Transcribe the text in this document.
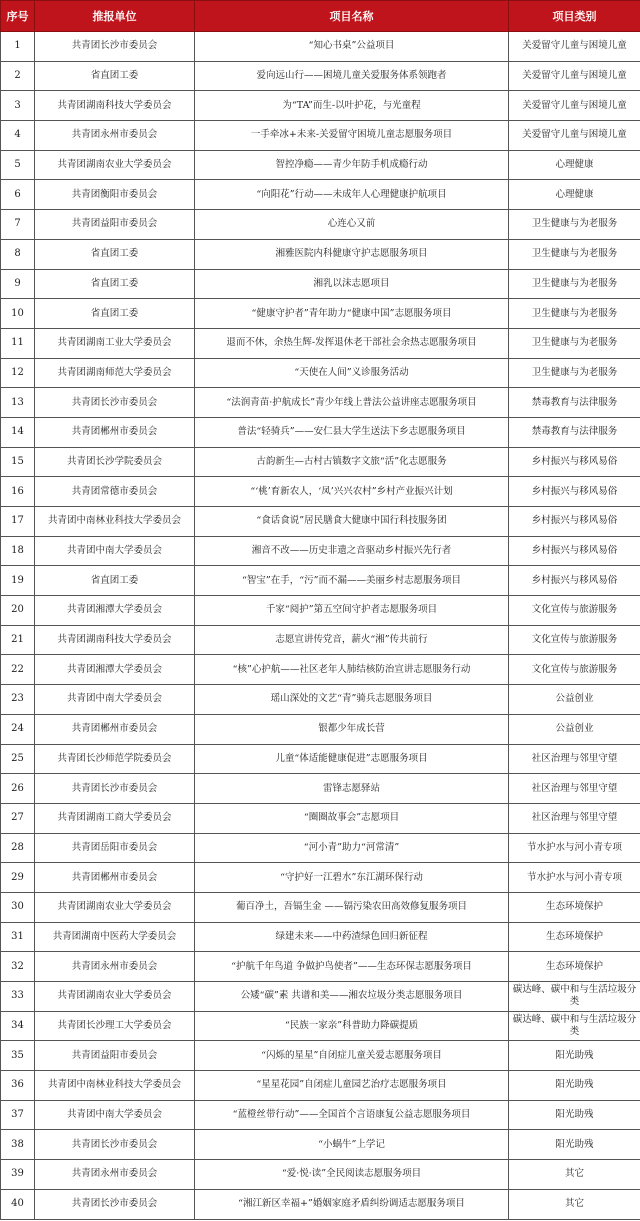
序号	推报单位	项目名称	项目类别
1	共青团长沙市委员会	“知心书桌”公益项目	关爱留守儿童与困境儿童
2	省直团工委	爱向远山行——困境儿童关爱服务体系领跑者	关爱留守儿童与困境儿童
3	共青团湖南科技大学委员会	为“TA”而生-以叶护花，与光童程	关爱留守儿童与困境儿童
4	共青团永州市委员会	一手牵冰+未来-关爱留守困境儿童志愿服务项目	关爱留守儿童与困境儿童
5	共青团湖南农业大学委员会	智控净瘾——青少年防手机成瘾行动	心理健康
6	共青团衡阳市委员会	“向阳花”行动——未成年人心理健康护航项目	心理健康
7	共青团益阳市委员会	心连心又前	卫生健康与为老服务
8	省直团工委	湘雅医院内科健康守护志愿服务项目	卫生健康与为老服务
9	省直团工委	湘乳以沫志愿项目	卫生健康与为老服务
10	省直团工委	“健康守护者”青年助力“健康中国”志愿服务项目	卫生健康与为老服务
11	共青团湖南工业大学委员会	退而不休，余热生辉-发挥退休老干部社会余热志愿服务项目	卫生健康与为老服务
12	共青团湖南师范大学委员会	“天使在人间”义诊服务活动	卫生健康与为老服务
13	共青团长沙市委员会	“法润青苗·护航成长”青少年线上普法公益讲座志愿服务项目	禁毒教育与法律服务
14	共青团郴州市委员会	普法“轻骑兵”——安仁县大学生送法下乡志愿服务项目	禁毒教育与法律服务
15	共青团长沙学院委员会	古韵新生—古村古镇数字文旅“活”化志愿服务	乡村振兴与移风易俗
16	共青团常德市委员会	“‘桃’育新农人，‘凤’兴兴农村”乡村产业振兴计划	乡村振兴与移风易俗
17	共青团中南林业科技大学委员会	“食话食说”居民膳食大健康中国行科技服务团	乡村振兴与移风易俗
18	共青团中南大学委员会	湘音不改——历史非遗之音驱动乡村振兴先行者	乡村振兴与移风易俗
19	省直团工委	“智宝”在手，“污”而不漏——美丽乡村志愿服务项目	乡村振兴与移风易俗
20	共青团湘潭大学委员会	千家“阅护”第五空间守护者志愿服务项目	文化宣传与旅游服务
21	共青团湖南科技大学委员会	志愿宣讲传党音，薪火“湘”传共前行	文化宣传与旅游服务
22	共青团湘潭大学委员会	“核”心护航——社区老年人肺结核防治宣讲志愿服务行动	文化宣传与旅游服务
23	共青团中南大学委员会	瑶山深处的文艺“青”骑兵志愿服务项目	公益创业
24	共青团郴州市委员会	银都少年成长营	公益创业
25	共青团长沙师范学院委员会	儿童“体适能健康促进”志愿服务项目	社区治理与邻里守望
26	共青团长沙市委员会	雷锋志愿驿站	社区治理与邻里守望
27	共青团湖南工商大学委员会	“圈圈故事会”志愿项目	社区治理与邻里守望
28	共青团岳阳市委员会	“河小青”助力“河常清”	节水护水与河小青专项
29	共青团郴州市委员会	“守护好一江碧水”东江湖环保行动	节水护水与河小青专项
30	共青团湖南农业大学委员会	葡百净土，吾镉生金 ——镉污染农田高效修复服务项目	生态环境保护
31	共青团湖南中医药大学委员会	绿建未来——中药渣绿色回归新征程	生态环境保护
32	共青团永州市委员会	“护航千年鸟道 争做护鸟使者”——生态环保志愿服务项目	生态环境保护
33	共青团湖南农业大学委员会	公矮“碳”素 共谱和美——湘农垃圾分类志愿服务项目	碳达峰、碳中和与生活垃圾分类
34	共青团长沙理工大学委员会	“民族一家亲”科普助力降碳提质	碳达峰、碳中和与生活垃圾分类
35	共青团益阳市委员会	“闪烁的星星”自闭症儿童关爱志愿服务项目	阳光助残
36	共青团中南林业科技大学委员会	“星星花园”自闭症儿童园艺治疗志愿服务项目	阳光助残
37	共青团中南大学委员会	“蓝橙丝带行动”——全国首个言语康复公益志愿服务项目	阳光助残
38	共青团长沙市委员会	“小蜗牛”上学记	阳光助残
39	共青团永州市委员会	“爱·悦·读”全民阅读志愿服务项目	其它
40	共青团长沙市委员会	“湘江新区幸福+”婚姻家庭矛盾纠纷调适志愿服务项目	其它
